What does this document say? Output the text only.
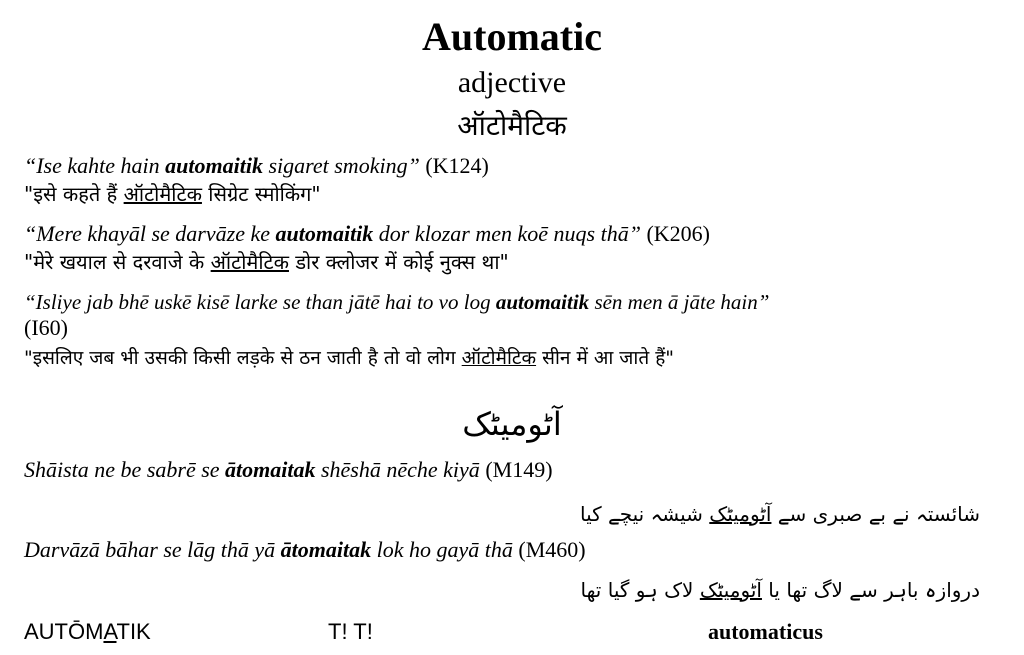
Automatic
adjective
ऑटोमैटिक
“Ise kahte hain automaitik sigaret smoking” (K124)
"इसे कहते हैं ऑटोमैटिक सिग्रेट स्मोकिंग"
“Mere khayāl se darvāze ke automaitik dor klozar men koē nuqs thā” (K206)
"मेरे खयाल से दरवाजे के ऑटोमैटिक डोर क्लोजर में कोई नुक्स था"
“Isliye jab bhē uskē kisē larke se than jātē hai to vo log automaitik sēn men ā jāte hain”
(I60)
"इसलिए जब भी उसकी किसी लड़के से ठन जाती है तो वो लोग ऑटोमैटिक सीन में आ जाते हैं"
آٹومیٹک
Shāista ne be sabrē se ātomaitak shēshā nēche kiyā (M149)
شائستہ نے بے صبری سے آٹومیٹک شیشہ نیچے کیا
Darvāzā bāhar se lāg thā yā ātomaitak lok ho gayā thā (M460)
دروازہ باہر سے لاگ تھا یا آٹومیٹک لاک ہو گیا تھا
AUTŌMATIK	T! T!	automaticus
